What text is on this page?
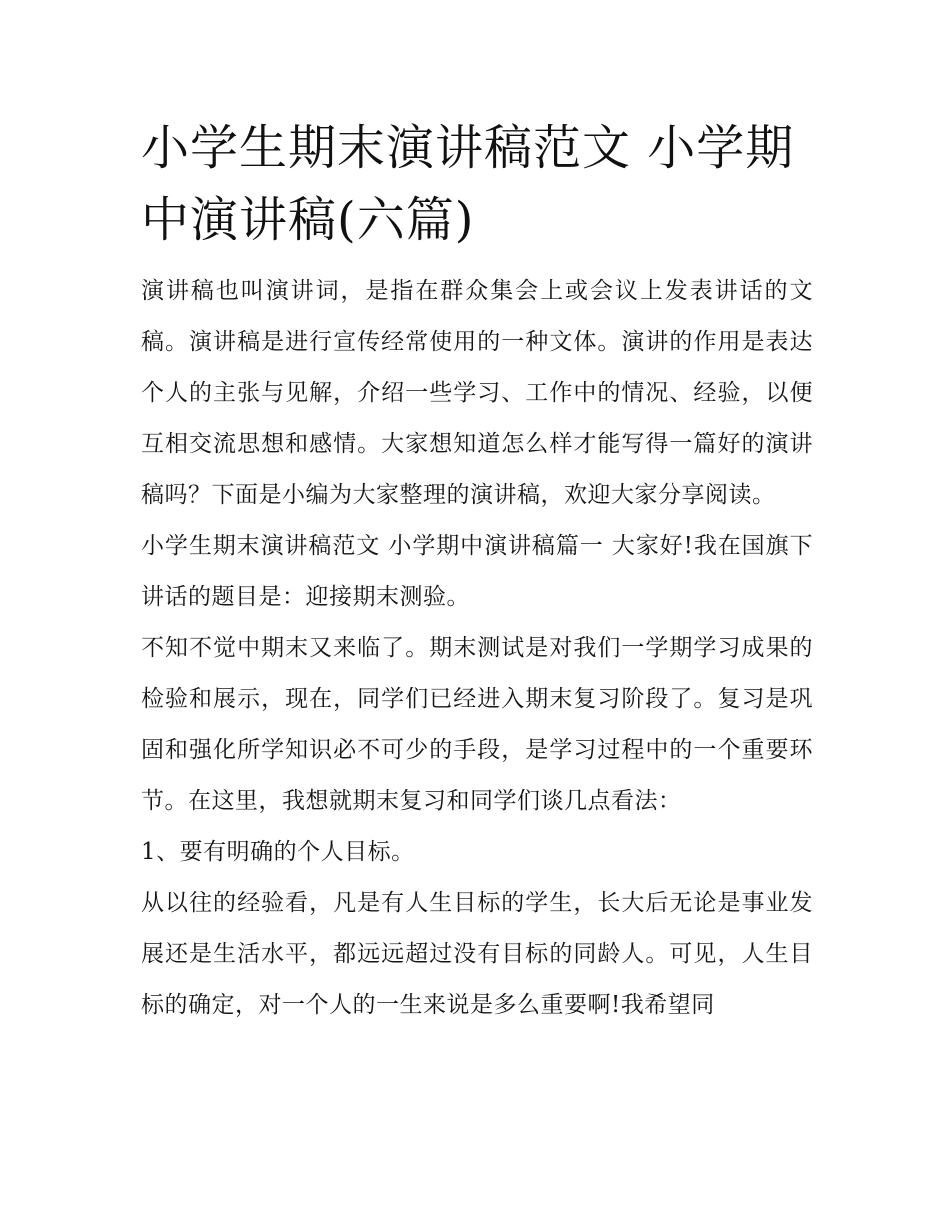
小学生期末演讲稿范文 小学期中演讲稿(六篇)

演讲稿也叫演讲词，是指在群众集会上或会议上发表讲话的文稿。演讲稿是进行宣传经常使用的一种文体。演讲的作用是表达个人的主张与见解，介绍一些学习、工作中的情况、经验，以便互相交流思想和感情。大家想知道怎么样才能写得一篇好的演讲稿吗？下面是小编为大家整理的演讲稿，欢迎大家分享阅读。

小学生期末演讲稿范文 小学期中演讲稿篇一 大家好!我在国旗下讲话的题目是：迎接期末测验。

不知不觉中期末又来临了。期末测试是对我们一学期学习成果的检验和展示，现在，同学们已经进入期末复习阶段了。复习是巩固和强化所学知识必不可少的手段，是学习过程中的一个重要环节。在这里，我想就期末复习和同学们谈几点看法：

1、要有明确的个人目标。

从以往的经验看，凡是有人生目标的学生，长大后无论是事业发展还是生活水平，都远远超过没有目标的同龄人。可见，人生目标的确定，对一个人的一生来说是多么重要啊!我希望同
